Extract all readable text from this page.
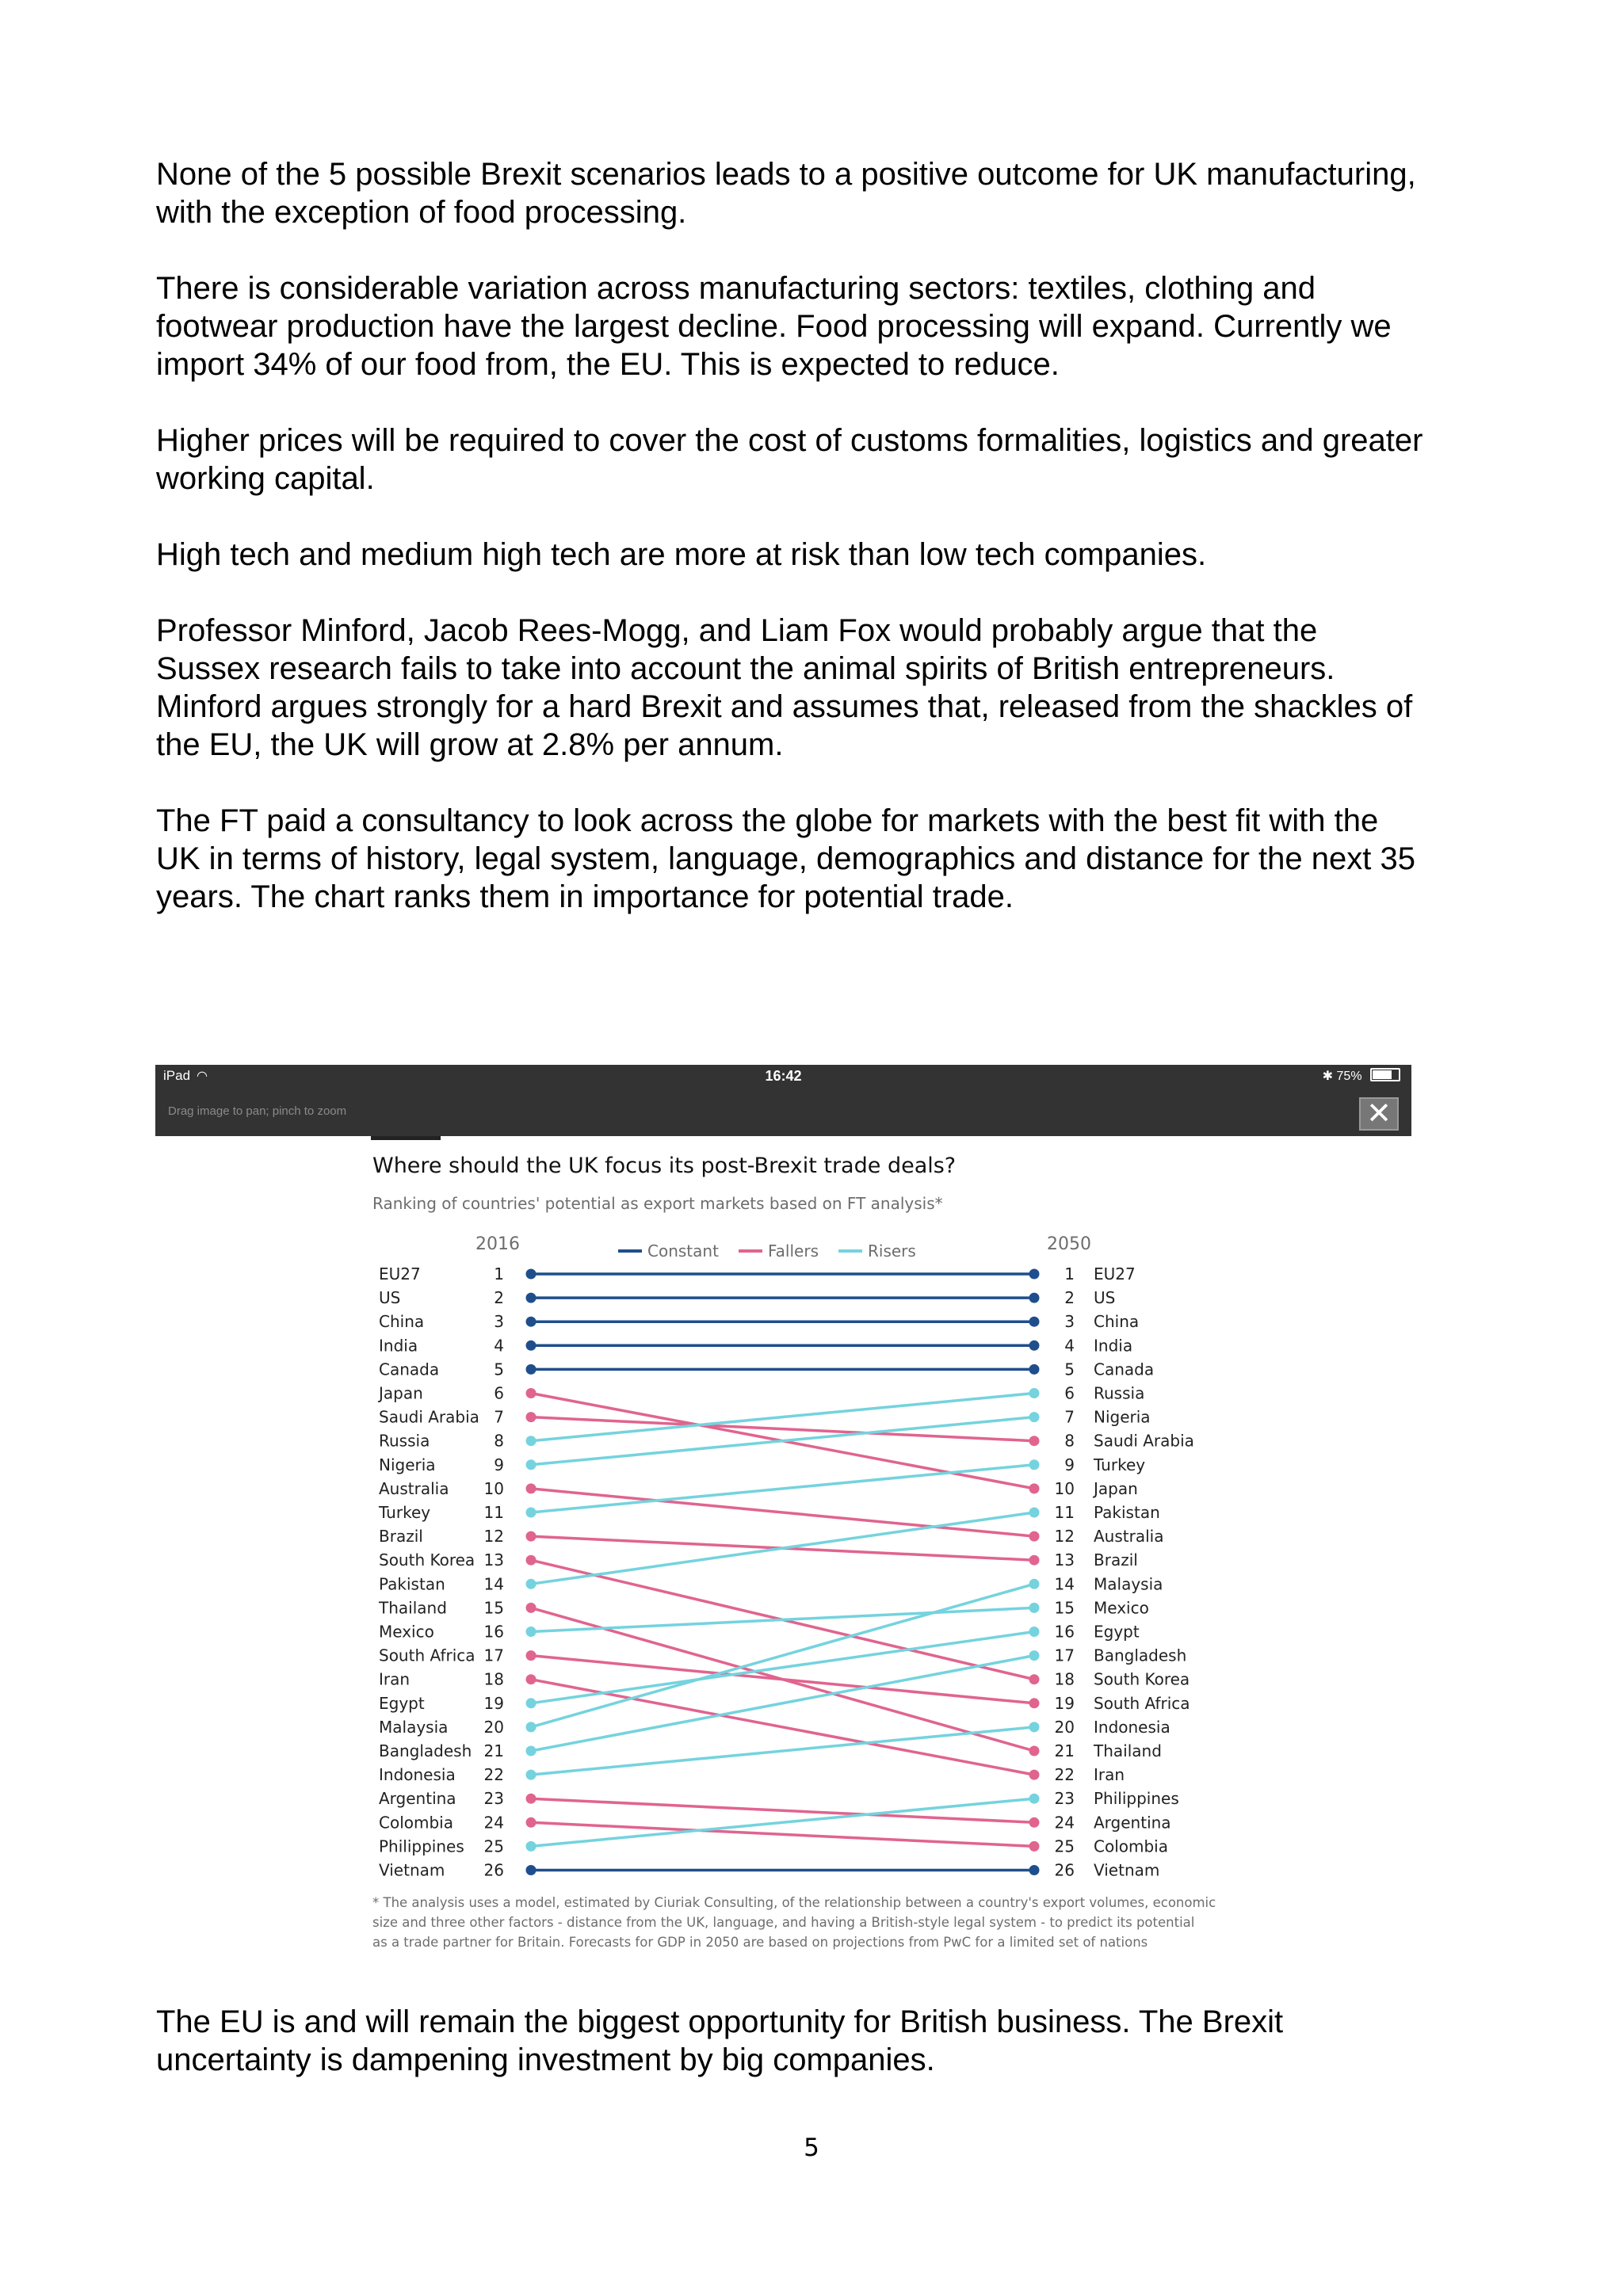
None of the 5 possible Brexit scenarios leads to a positive outcome for UK manufacturing,
with the exception of food processing.

There is considerable variation across manufacturing sectors: textiles, clothing and
footwear production have the largest decline. Food processing will expand. Currently we
import 34% of our food from, the EU. This is expected to reduce.

Higher prices will be required to cover the cost of customs formalities, logistics and greater
working capital.

High tech and medium high tech are more at risk than low tech companies.

Professor Minford, Jacob Rees-Mogg, and Liam Fox would probably argue that the
Sussex research fails to take into account the animal spirits of British entrepreneurs.
Minford argues strongly for a hard Brexit and assumes that, released from the shackles of
the EU, the UK will grow at 2.8% per annum.

The FT paid a consultancy to look across the globe for markets with the best fit with the
UK in terms of history, legal system, language, demographics and distance for the next 35
years. The chart ranks them in importance for potential trade.

iPad ◠	16:42	✱ 75%
Drag image to pan; pinch to zoom	✕
Where should the UK focus its post-Brexit trade deals?
Ranking of countries' potential as export markets based on FT analysis*
2016	2050
Constant	Fallers	Risers
EU27	1
US	2
China	3
India	4
Canada	5
Japan	6
Saudi Arabia 7
Russia	8
Nigeria	9
Australia 10
Turkey	11
Brazil	12
South Korea 13
Pakistan 14
Thailand 15
Mexico	16
South Africa 17
Iran	18
Egypt	19
Malaysia 20
Bangladesh 21
Indonesia 22
Argentina 23
Colombia 24
Philippines 25
Vietnam 26
1 EU27
2 US
3 China
4 India
5 Canada
6 Russia
7 Nigeria
8 Saudi Arabia
9 Turkey
10 Japan
11 Pakistan
12 Australia
13 Brazil
14 Malaysia
15 Mexico
16 Egypt
17 Bangladesh
18 South Korea
19 South Africa
20 Indonesia
21 Thailand
22 Iran
23 Philippines
24 Argentina
25 Colombia
26 Vietnam
* The analysis uses a model, estimated by Ciuriak Consulting, of the relationship between a country's export volumes, economic
size and three other factors - distance from the UK, language, and having a British-style legal system - to predict its potential
as a trade partner for Britain. Forecasts for GDP in 2050 are based on projections from PwC for a limited set of nations

The EU is and will remain the biggest opportunity for British business. The Brexit
uncertainty is dampening investment by big companies.

5
